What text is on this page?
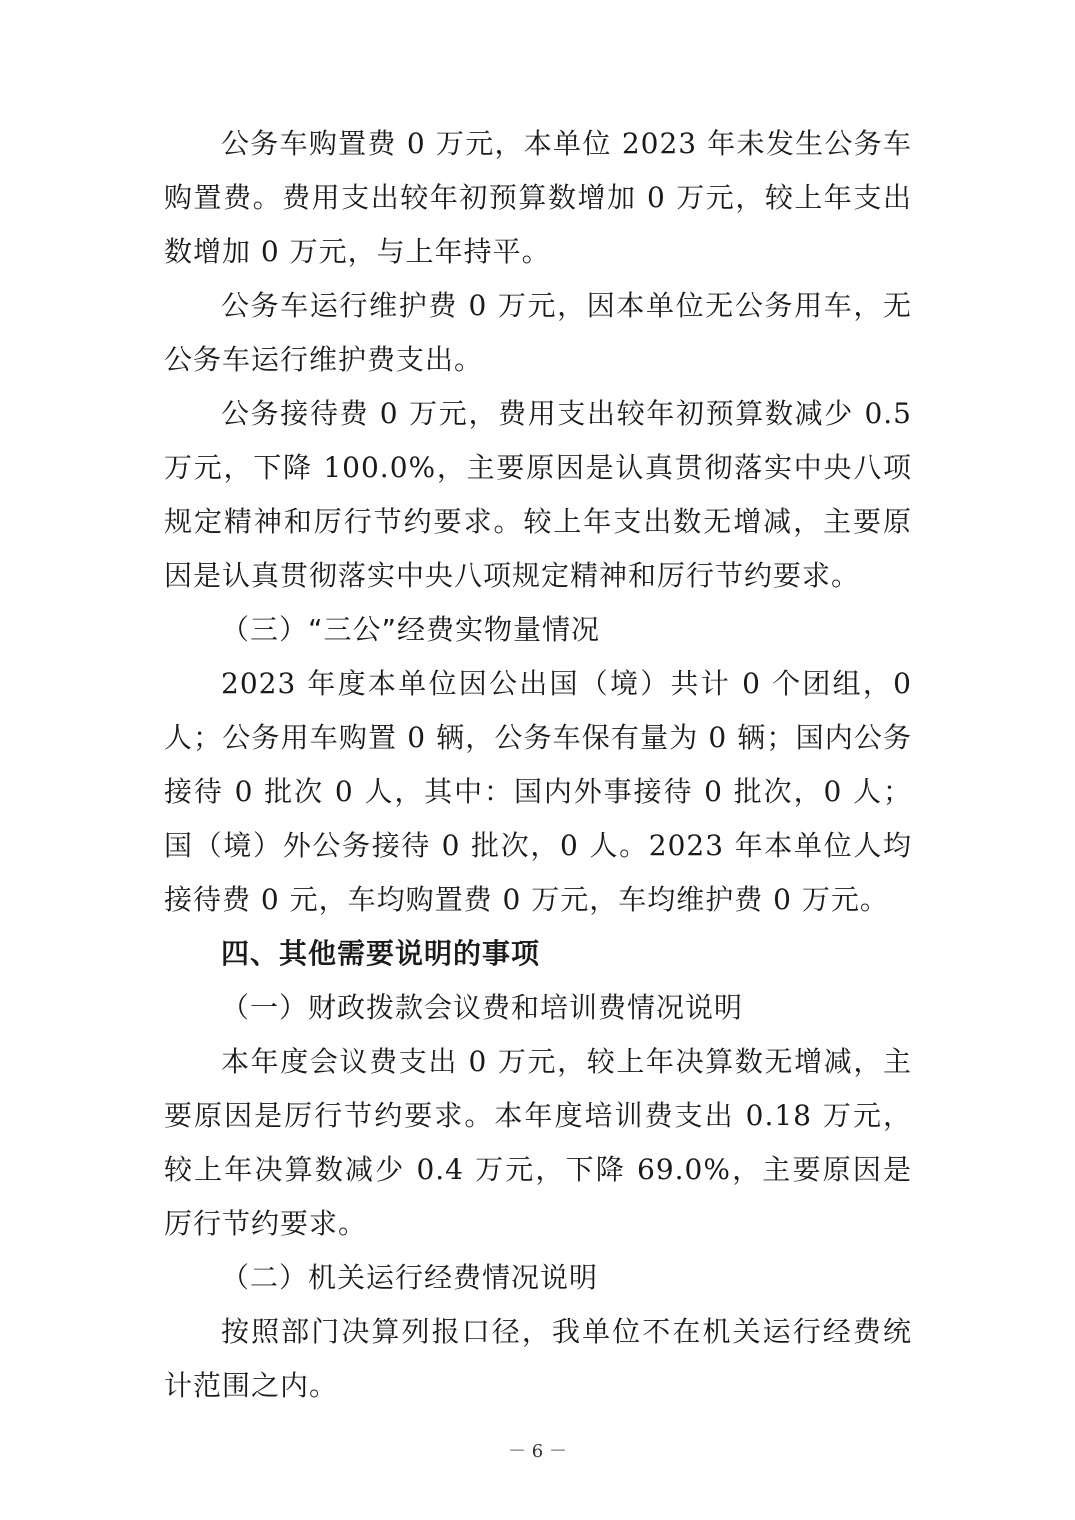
公务车购置费 0 万元，本单位 2023 年未发生公务车购置费。费用支出较年初预算数增加 0 万元，较上年支出数增加 0 万元，与上年持平。

公务车运行维护费 0 万元，因本单位无公务用车，无公务车运行维护费支出。

公务接待费 0 万元，费用支出较年初预算数减少 0.5 万元，下降 100.0%，主要原因是认真贯彻落实中央八项规定精神和厉行节约要求。较上年支出数无增减，主要原因是认真贯彻落实中央八项规定精神和厉行节约要求。

（三）“三公”经费实物量情况

2023 年度本单位因公出国（境）共计 0 个团组，0 人；公务用车购置 0 辆，公务车保有量为 0 辆；国内公务接待 0 批次 0 人，其中：国内外事接待 0 批次，0 人；国（境）外公务接待 0 批次，0 人。2023 年本单位人均接待费 0 元，车均购置费 0 万元，车均维护费 0 万元。

四、其他需要说明的事项

（一）财政拨款会议费和培训费情况说明

本年度会议费支出 0 万元，较上年决算数无增减，主要原因是厉行节约要求。本年度培训费支出 0.18 万元，较上年决算数减少 0.4 万元，下降 69.0%，主要原因是厉行节约要求。

（二）机关运行经费情况说明

按照部门决算列报口径，我单位不在机关运行经费统计范围之内。

－ 6 －
